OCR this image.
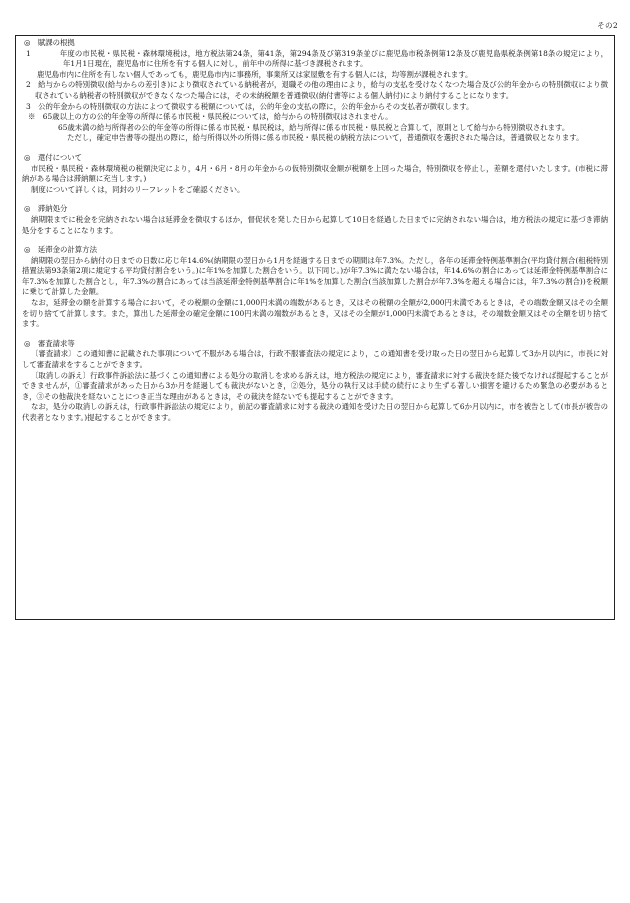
その2
◎　賦課の根拠
1	年度の市民税・県民税・森林環境税は，地方税法第24条，第41条，第294条及び第319条並びに鹿児島市税条例第12条及び鹿児島県税条例第18条の規定により，年1月1日現在，鹿児島市に住所を有する個人に対し，前年中の所得に基づき課税されます。
鹿児島市内に住所を有しない個人であっても，鹿児島市内に事務所，事業所又は家屋敷を有する個人には，均等割が課税されます。
2　給与からの特別徴収(給与からの差引き)により徴収されている納税者が，退職その他の理由により，給与の支払を受けなくなつた場合及び公的年金からの特別徴収により徴収されている納税者の特別徴収ができなくなつた場合には，その未納税額を普通徴収(納付書等による個人納付)により納付することになります。
3　公的年金からの特別徴収の方法によつて徴収する税額については，公的年金の支払の際に，公的年金からその支払者が徴収します。
※　65歳以上の方の公的年金等の所得に係る市民税・県民税については，給与からの特別徴収はされません。
65歳未満の給与所得者の公的年金等の所得に係る市民税・県民税は，給与所得に係る市民税・県民税と合算して，原則として給与から特別徴収されます。
ただし，確定申告書等の提出の際に，給与所得以外の所得に係る市民税・県民税の納税方法について，普通徴収を選択された場合は，普通徴収となります。
◎　還付について
市民税・県民税・森林環境税の税額決定により，4月・6月・8月の年金からの仮特別徴収金額が税額を上回った場合，特別徴収を停止し，差額を還付いたします。(市税に滞納がある場合は滞納額に充当します。)
制度について詳しくは，同封のリーフレットをご確認ください。
◎　滞納処分
納期限までに税金を完納されない場合は延滞金を徴収するほか，督促状を発した日から起算して10日を経過した日までに完納されない場合は，地方税法の規定に基づき滞納処分をすることになります。
◎　延滞金の計算方法
納期限の翌日から納付の日までの日数に応じ年14.6%(納期限の翌日から1月を経過する日までの期間は年7.3%。ただし，各年の延滞金特例基準割合(平均貸付割合(租税特別措置法第93条第2項に規定する平均貸付割合をいう。)に年1%を加算した割合をいう。以下同じ。)が年7.3%に満たない場合は，年14.6%の割合にあっては延滞金特例基準割合に年7.3%を加算した割合とし，年7.3%の割合にあっては当該延滞金特例基準割合に年1%を加算した割合(当該加算した割合が年7.3%を超える場合には，年7.3%の割合))を税額に乗じて計算した金額。
なお，延滞金の額を計算する場合において，その税額の金額に1,000円未満の端数があるとき，又はその税額の全額が2,000円未満であるときは，その端数金額又はその全額を切り捨てて計算します。また，算出した延滞金の確定金額に100円未満の端数があるとき，又はその全額が1,000円未満であるときは，その端数金額又はその全額を切り捨てます。
◎　審査請求等
〔審査請求〕この通知書に記載された事項について不服がある場合は，行政不服審査法の規定により，この通知書を受け取った日の翌日から起算して3か月以内に，市長に対して審査請求をすることができます。
〔取消しの訴え〕行政事件訴訟法に基づくこの通知書による処分の取消しを求める訴えは，地方税法の規定により，審査請求に対する裁決を経た後でなければ提起することができませんが，①審査請求があった日から3か月を経過しても裁決がないとき，②処分，処分の執行又は手続の続行により生ずる著しい損害を避けるため緊急の必要があるとき，③その他裁決を経ないことにつき正当な理由があるときは，その裁決を経ないでも提起することができます。
なお，処分の取消しの訴えは，行政事件訴訟法の規定により，前記の審査請求に対する裁決の通知を受けた日の翌日から起算して6か月以内に，市を被告として(市長が被告の代表者となります。)提起することができます。
